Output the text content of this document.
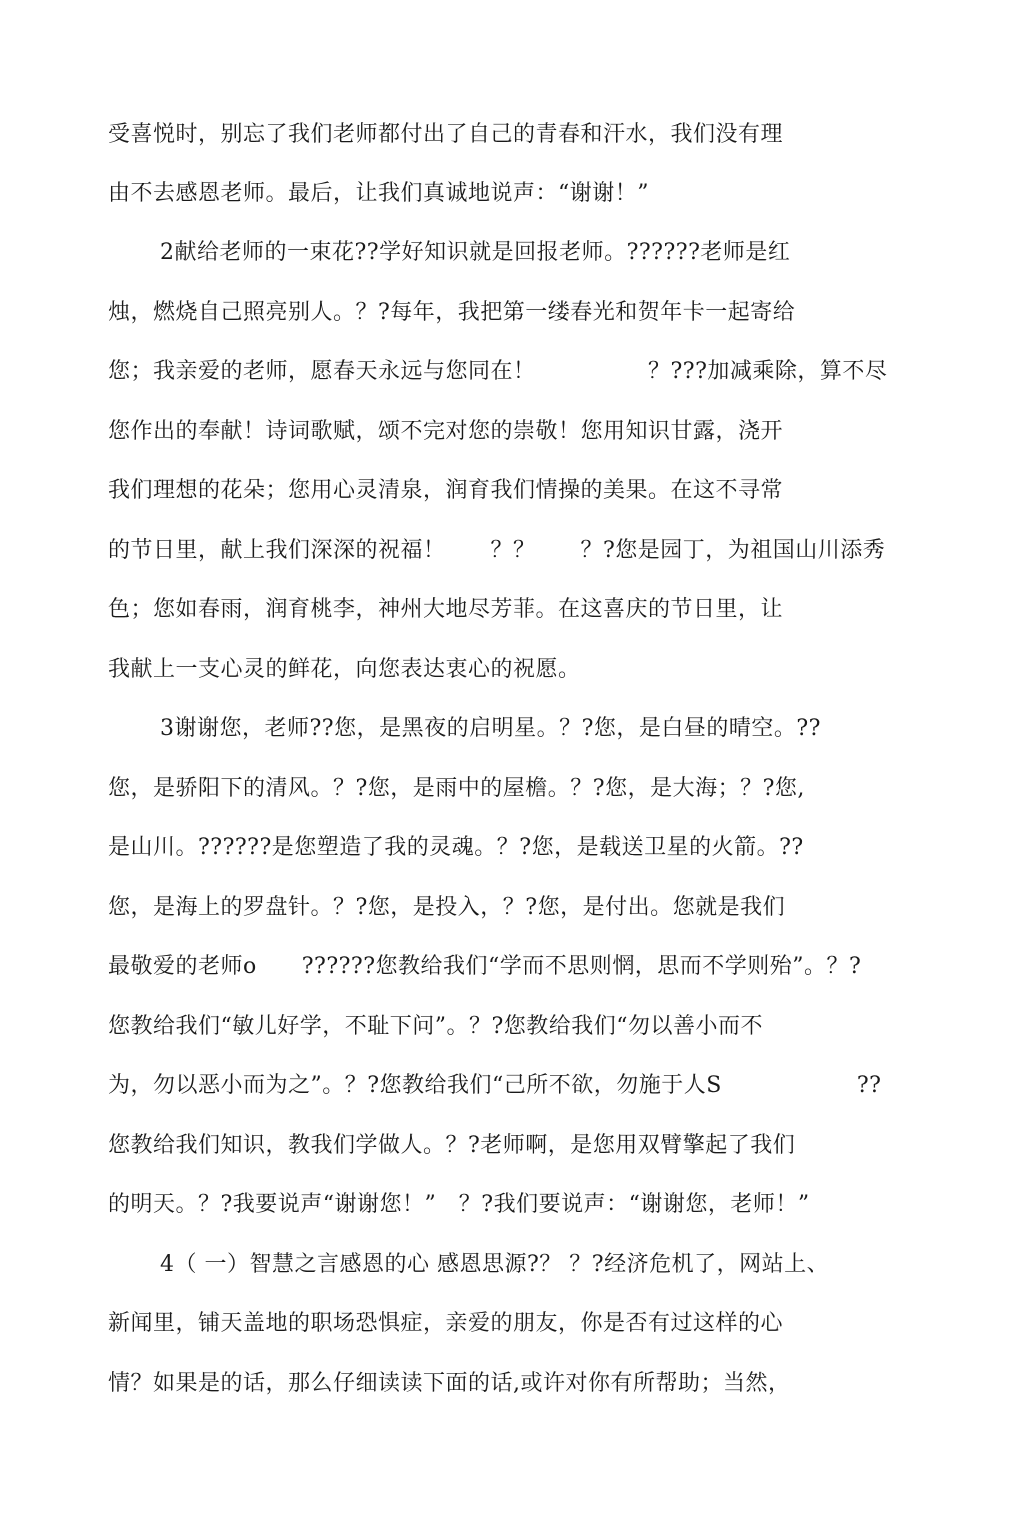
受喜悦时，别忘了我们老师都付出了自己的青春和汗水，我们没有理
由不去感恩老师。最后，让我们真诚地说声：“谢谢！”
2献给老师的一束花??学好知识就是回报老师。??????老师是红
烛，燃烧自己照亮别人。？?每年，我把第一缕春光和贺年卡一起寄给
您；我亲爱的老师，愿春天永远与您同在！　　　　　？???加减乘除，算不尽
您作出的奉献！诗词歌赋，颂不完对您的崇敬！您用知识甘露，浇开
我们理想的花朵；您用心灵清泉，润育我们情操的美果。在这不寻常
的节日里，献上我们深深的祝福！　　？？　　？?您是园丁，为祖国山川添秀
色；您如春雨，润育桃李，神州大地尽芳菲。在这喜庆的节日里，让
我献上一支心灵的鲜花，向您表达衷心的祝愿。
3谢谢您，老师??您，是黑夜的启明星。？?您，是白昼的晴空。??
您，是骄阳下的清风。？?您，是雨中的屋檐。？?您，是大海；？?您,
是山川。??????是您塑造了我的灵魂。？?您，是载送卫星的火箭。??
您，是海上的罗盘针。？?您，是投入，？?您，是付出。您就是我们
最敬爱的老师o　　??????您教给我们“学而不思则惘，思而不学则殆”。？?
您教给我们“敏儿好学，不耻下问”。？?您教给我们“勿以善小而不
为，勿以恶小而为之”。？?您教给我们“己所不欲，勿施于人S　　　　　　??
您教给我们知识，教我们学做人。？?老师啊，是您用双臂擎起了我们
的明天。？?我要说声“谢谢您！”　？?我们要说声：“谢谢您，老师！”
4（ 一）智慧之言感恩的心 感恩思源?？ ？?经济危机了，网站上、
新闻里，铺天盖地的职场恐惧症，亲爱的朋友，你是否有过这样的心
情？如果是的话，那么仔细读读下面的话,或许对你有所帮助；当然，
